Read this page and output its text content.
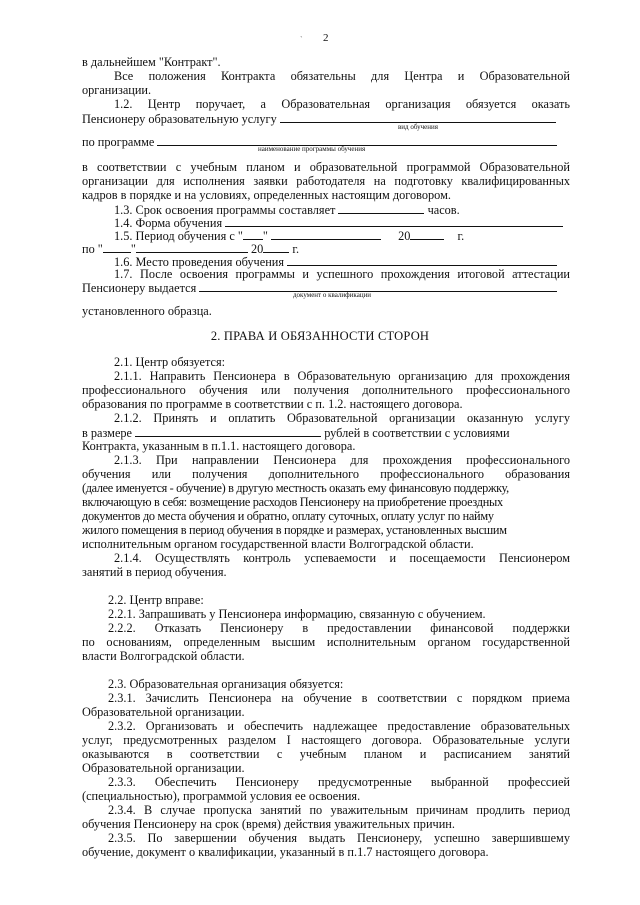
` 2
в дальнейшем "Контракт".
Все положения Контракта обязательны для Центра и Образовательной
организации.
1.2. Центр поручает, а Образовательная организация обязуется оказать
Пенсионеру образовательную услугу
вид обучения
по программе	наименование программы обучения
в соответствии с учебным планом и образовательной программой Образовательной
организации для исполнения заявки работодателя на подготовку квалифицированных
кадров в порядке и на условиях, определенных настоящим договором.
1.3. Срок освоения программы составляет	часов.
1.4. Форма обучения
1.5. Период обучения с " "	20	г.
по " "	20 г.
1.6. Место проведения обучения
1.7. После освоения программы и успешного прохождения итоговой аттестации
Пенсионеру выдается	документ о квалификации
установленного образца.
2. ПРАВА И ОБЯЗАННОСТИ СТОРОН
2.1. Центр обязуется:
2.1.1. Направить Пенсионера в Образовательную организацию для прохождения
профессионального обучения или получения дополнительного профессионального
образования по программе в соответствии с п. 1.2. настоящего договора.
2.1.2. Принять и оплатить Образовательной организации оказанную услугу
в размере	рублей в соответствии с условиями
Контракта, указанным в п.1.1. настоящего договора.
2.1.3. При направлении Пенсионера для прохождения профессионального
обучения или получения дополнительного профессионального образования
(далее именуется - обучение) в другую местность оказать ему финансовую поддержку,
включающую в себя: возмещение расходов Пенсионеру на приобретение проездных
документов до места обучения и обратно, оплату суточных, оплату услуг по найму
жилого помещения в период обучения в порядке и размерах, установленных высшим
исполнительным органом государственной власти Волгоградской области.
2.1.4. Осуществлять контроль успеваемости и посещаемости Пенсионером
занятий в период обучения.
2.2. Центр вправе:
2.2.1. Запрашивать у Пенсионера информацию, связанную с обучением.
2.2.2. Отказать Пенсионеру в предоставлении финансовой поддержки
по основаниям, определенным высшим исполнительным органом государственной
власти Волгоградской области.
2.3. Образовательная организация обязуется:
2.3.1. Зачислить Пенсионера на обучение в соответствии с порядком приема
Образовательной организации.
2.3.2. Организовать и обеспечить надлежащее предоставление образовательных
услуг, предусмотренных разделом I настоящего договора. Образовательные услуги
оказываются в соответствии с учебным планом и расписанием занятий
Образовательной организации.
2.3.3. Обеспечить Пенсионеру предусмотренные выбранной профессией
(специальностью), программой условия ее освоения.
2.3.4. В случае пропуска занятий по уважительным причинам продлить период
обучения Пенсионеру на срок (время) действия уважительных причин.
2.3.5. По завершении обучения выдать Пенсионеру, успешно завершившему
обучение, документ о квалификации, указанный в п.1.7 настоящего договора.
